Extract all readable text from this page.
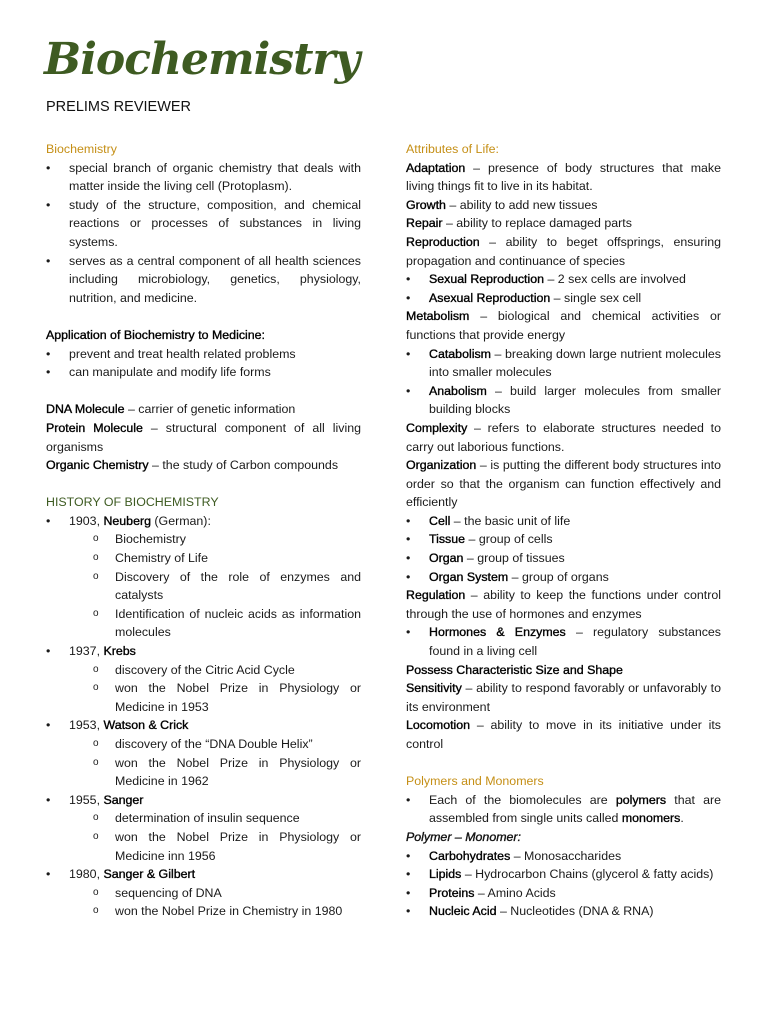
Biochemistry
PRELIMS REVIEWER
Biochemistry
• special branch of organic chemistry that deals with matter inside the living cell (Protoplasm).
• study of the structure, composition, and chemical reactions or processes of substances in living systems.
• serves as a central component of all health sciences including microbiology, genetics, physiology, nutrition, and medicine.
Application of Biochemistry to Medicine:
• prevent and treat health related problems
• can manipulate and modify life forms
DNA Molecule – carrier of genetic information
Protein Molecule – structural component of all living organisms
Organic Chemistry – the study of Carbon compounds
HISTORY OF BIOCHEMISTRY
• 1903, Neuberg (German):
o Biochemistry
o Chemistry of Life
o Discovery of the role of enzymes and catalysts
o Identification of nucleic acids as information molecules
• 1937, Krebs
o discovery of the Citric Acid Cycle
o won the Nobel Prize in Physiology or Medicine in 1953
• 1953, Watson & Crick
o discovery of the “DNA Double Helix”
o won the Nobel Prize in Physiology or Medicine in 1962
• 1955, Sanger
o determination of insulin sequence
o won the Nobel Prize in Physiology or Medicine inn 1956
• 1980, Sanger & Gilbert
o sequencing of DNA
o won the Nobel Prize in Chemistry in 1980
Attributes of Life:
Adaptation – presence of body structures that make living things fit to live in its habitat.
Growth – ability to add new tissues
Repair – ability to replace damaged parts
Reproduction – ability to beget offsprings, ensuring propagation and continuance of species
• Sexual Reproduction – 2 sex cells are involved
• Asexual Reproduction – single sex cell
Metabolism – biological and chemical activities or functions that provide energy
• Catabolism – breaking down large nutrient molecules into smaller molecules
• Anabolism – build larger molecules from smaller building blocks
Complexity – refers to elaborate structures needed to carry out laborious functions.
Organization – is putting the different body structures into order so that the organism can function effectively and efficiently
• Cell – the basic unit of life
• Tissue – group of cells
• Organ – group of tissues
• Organ System – group of organs
Regulation – ability to keep the functions under control through the use of hormones and enzymes
• Hormones & Enzymes – regulatory substances found in a living cell
Possess Characteristic Size and Shape
Sensitivity – ability to respond favorably or unfavorably to its environment
Locomotion – ability to move in its initiative under its control
Polymers and Monomers
• Each of the biomolecules are polymers that are assembled from single units called monomers.
Polymer – Monomer:
• Carbohydrates – Monosaccharides
• Lipids – Hydrocarbon Chains (glycerol & fatty acids)
• Proteins – Amino Acids
• Nucleic Acid – Nucleotides (DNA & RNA)
